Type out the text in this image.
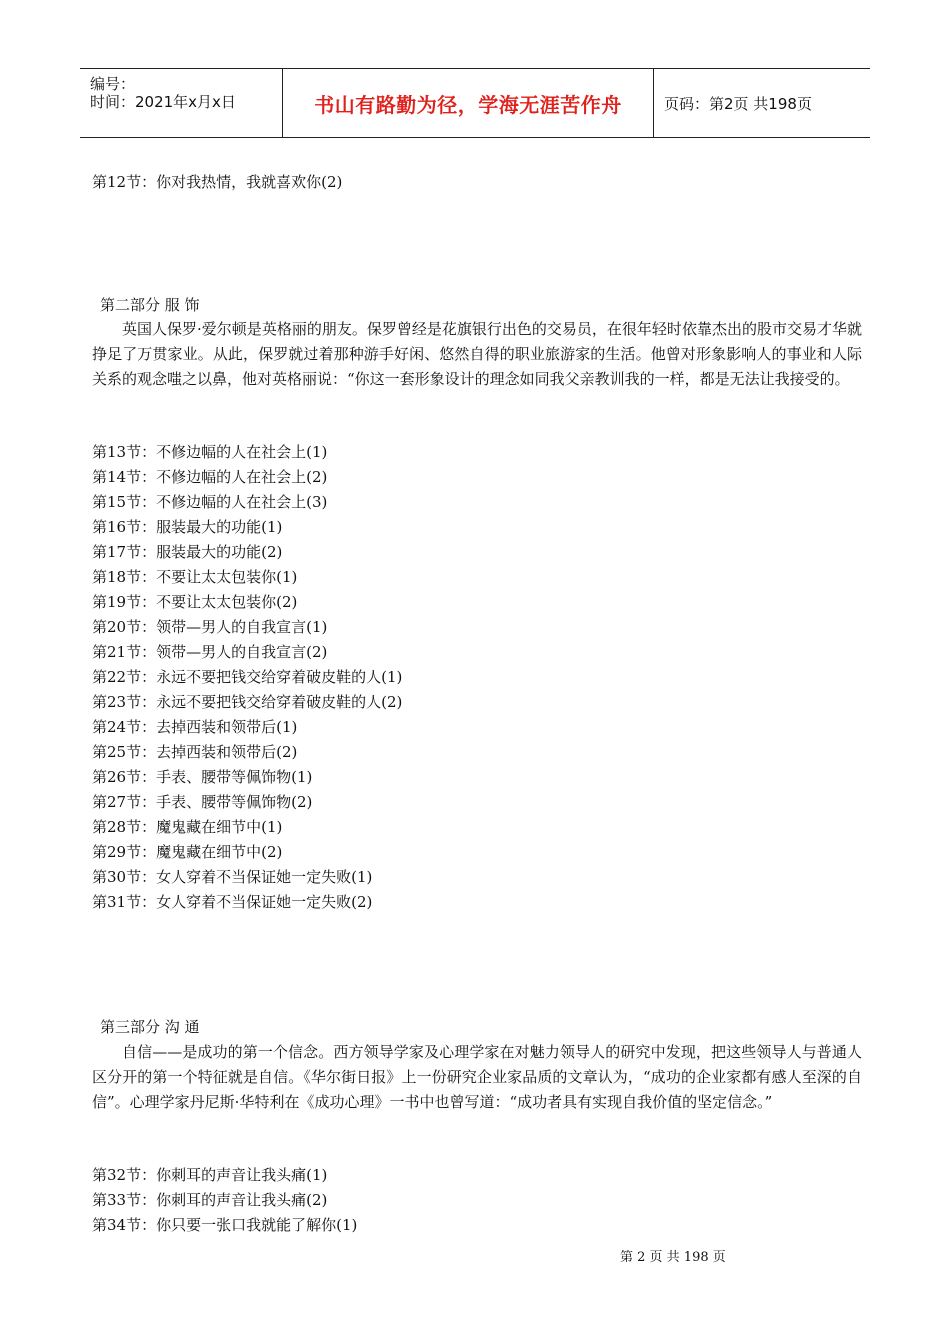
编号：
时间：2021年x月x日	书山有路勤为径，学海无涯苦作舟	页码：第2页 共198页
第12节：你对我热情，我就喜欢你(2)
第二部分 服 饰
英国人保罗·爱尔顿是英格丽的朋友。保罗曾经是花旗银行出色的交易员，在很年轻时依靠杰出的股市交易才华就挣足了万贯家业。从此，保罗就过着那种游手好闲、悠然自得的职业旅游家的生活。他曾对形象影响人的事业和人际关系的观念嗤之以鼻，他对英格丽说：“你这一套形象设计的理念如同我父亲教训我的一样，都是无法让我接受的。
第13节：不修边幅的人在社会上(1)
第14节：不修边幅的人在社会上(2)
第15节：不修边幅的人在社会上(3)
第16节：服装最大的功能(1)
第17节：服装最大的功能(2)
第18节：不要让太太包装你(1)
第19节：不要让太太包装你(2)
第20节：领带—男人的自我宣言(1)
第21节：领带—男人的自我宣言(2)
第22节：永远不要把钱交给穿着破皮鞋的人(1)
第23节：永远不要把钱交给穿着破皮鞋的人(2)
第24节：去掉西装和领带后(1)
第25节：去掉西装和领带后(2)
第26节：手表、腰带等佩饰物(1)
第27节：手表、腰带等佩饰物(2)
第28节：魔鬼藏在细节中(1)
第29节：魔鬼藏在细节中(2)
第30节：女人穿着不当保证她一定失败(1)
第31节：女人穿着不当保证她一定失败(2)
第三部分 沟 通
自信——是成功的第一个信念。西方领导学家及心理学家在对魅力领导人的研究中发现，把这些领导人与普通人区分开的第一个特征就是自信。《华尔街日报》上一份研究企业家品质的文章认为，“成功的企业家都有感人至深的自信”。心理学家丹尼斯·华特利在《成功心理》一书中也曾写道：“成功者具有实现自我价值的坚定信念。”
第32节：你刺耳的声音让我头痛(1)
第33节：你刺耳的声音让我头痛(2)
第34节：你只要一张口我就能了解你(1)
第 2 页 共 198 页
